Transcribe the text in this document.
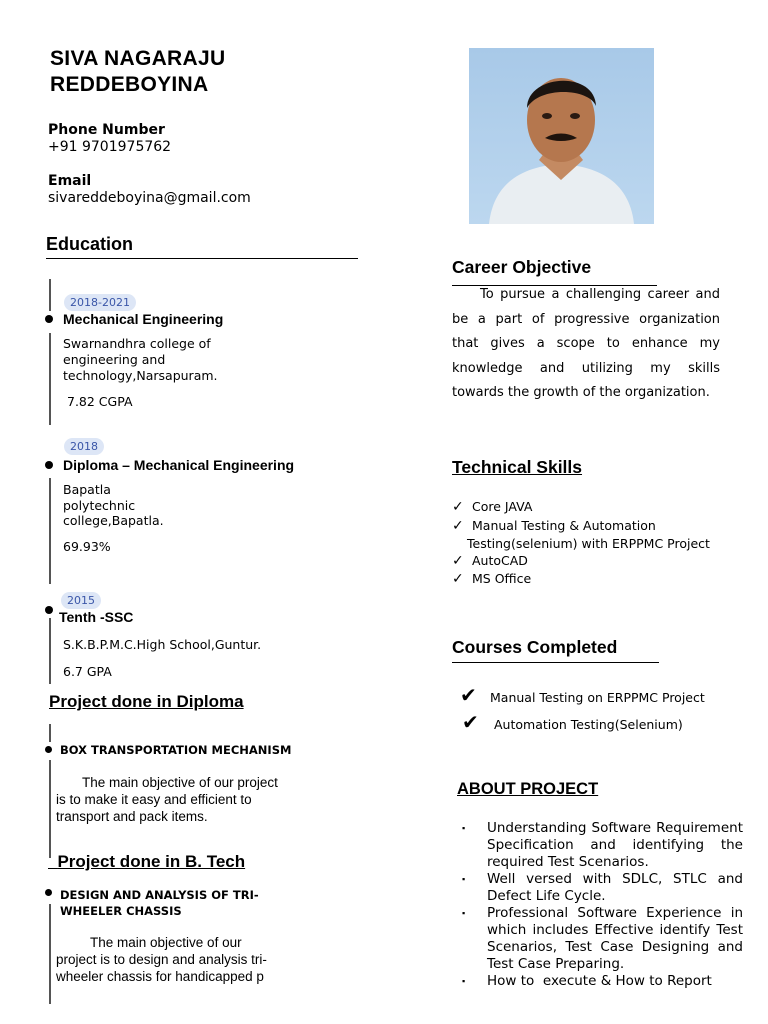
SIVA NAGARAJU
REDDEBOYINA
Phone Number
+91 9701975762
Email
sivareddeboyina@gmail.com
Education
2018-2021
Mechanical Engineering
Swarnandhra college of
engineering and
technology,Narsapuram.
7.82 CGPA
2018
Diploma – Mechanical Engineering
Bapatla
polytechnic
college,Bapatla.
69.93%
2015
Tenth -SSC
S.K.B.P.M.C.High School,Guntur.
6.7 GPA
Project done in Diploma
BOX TRANSPORTATION MECHANISM
The main objective of our project
is to make it easy and efficient to
transport and pack items.
Project done in B. Tech
DESIGN AND ANALYSIS OF TRI-
WHEELER CHASSIS
The main objective of our
project is to design and analysis tri-
wheeler chassis for handicapped p
Career Objective
To pursue a challenging career and be a part of progressive organization that gives a scope to enhance my knowledge and utilizing my skills towards the growth of the organization.
Technical Skills
✓ Core JAVA
✓ Manual Testing & Automation
Testing(selenium) with ERPPMC Project
✓ AutoCAD
✓ MS Office
Courses Completed
✔ Manual Testing on ERPPMC Project
✔ Automation Testing(Selenium)
ABOUT PROJECT
▪	Understanding Software Requirement Specification and identifying the required Test Scenarios.
▪	Well versed with SDLC, STLC and Defect Life Cycle.
▪	Professional Software Experience in which includes Effective identify Test Scenarios, Test Case Designing and Test Case Preparing.
▪	How to  execute & How to Report
